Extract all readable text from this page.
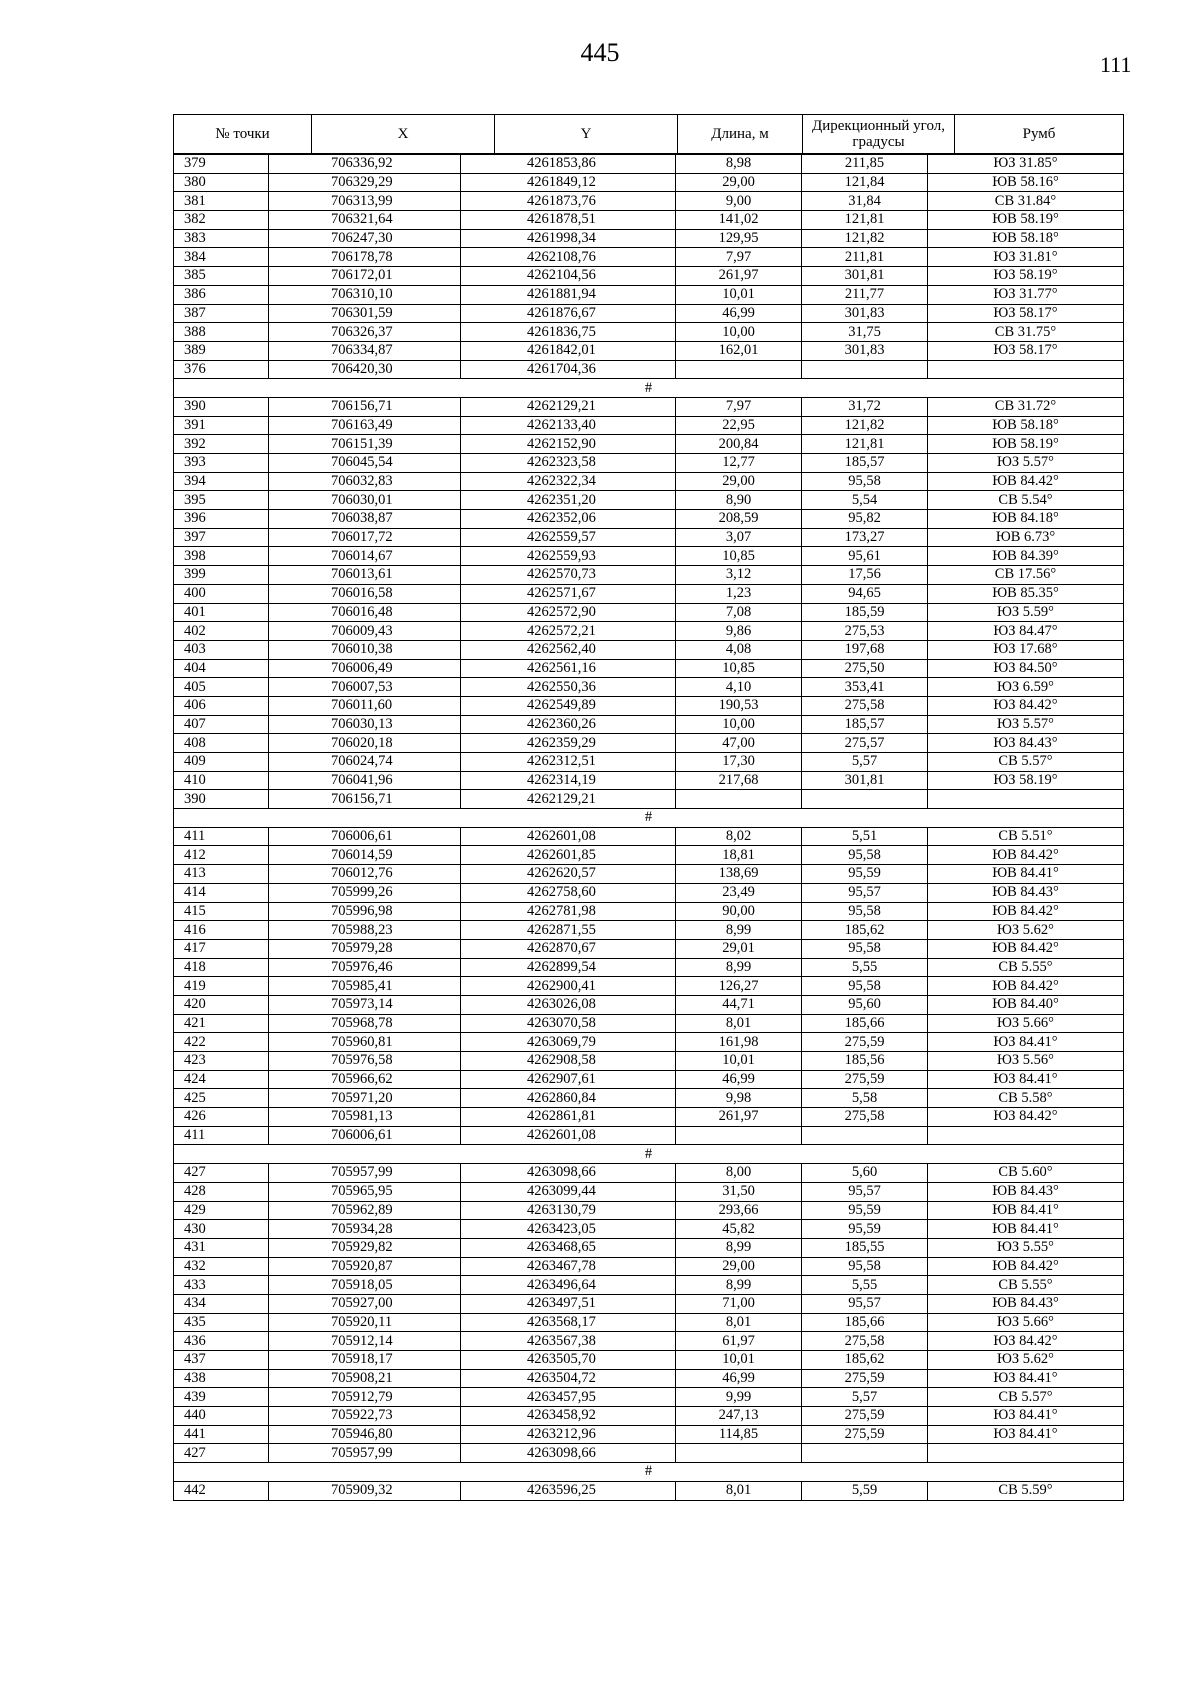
445	111
№ точки	X	Y	Длина, м	Дирекционный угол, градусы	Румб
379	706336,92	4261853,86	8,98	211,85	ЮЗ 31.85°
380	706329,29	4261849,12	29,00	121,84	ЮВ 58.16°
381	706313,99	4261873,76	9,00	31,84	СВ 31.84°
382	706321,64	4261878,51	141,02	121,81	ЮВ 58.19°
383	706247,30	4261998,34	129,95	121,82	ЮВ 58.18°
384	706178,78	4262108,76	7,97	211,81	ЮЗ 31.81°
385	706172,01	4262104,56	261,97	301,81	ЮЗ 58.19°
386	706310,10	4261881,94	10,01	211,77	ЮЗ 31.77°
387	706301,59	4261876,67	46,99	301,83	ЮЗ 58.17°
388	706326,37	4261836,75	10,00	31,75	СВ 31.75°
389	706334,87	4261842,01	162,01	301,83	ЮЗ 58.17°
376	706420,30	4261704,36			
#					
390	706156,71	4262129,21	7,97	31,72	СВ 31.72°
391	706163,49	4262133,40	22,95	121,82	ЮВ 58.18°
392	706151,39	4262152,90	200,84	121,81	ЮВ 58.19°
393	706045,54	4262323,58	12,77	185,57	ЮЗ 5.57°
394	706032,83	4262322,34	29,00	95,58	ЮВ 84.42°
395	706030,01	4262351,20	8,90	5,54	СВ 5.54°
396	706038,87	4262352,06	208,59	95,82	ЮВ 84.18°
397	706017,72	4262559,57	3,07	173,27	ЮВ 6.73°
398	706014,67	4262559,93	10,85	95,61	ЮВ 84.39°
399	706013,61	4262570,73	3,12	17,56	СВ 17.56°
400	706016,58	4262571,67	1,23	94,65	ЮВ 85.35°
401	706016,48	4262572,90	7,08	185,59	ЮЗ 5.59°
402	706009,43	4262572,21	9,86	275,53	ЮЗ 84.47°
403	706010,38	4262562,40	4,08	197,68	ЮЗ 17.68°
404	706006,49	4262561,16	10,85	275,50	ЮЗ 84.50°
405	706007,53	4262550,36	4,10	353,41	ЮЗ 6.59°
406	706011,60	4262549,89	190,53	275,58	ЮЗ 84.42°
407	706030,13	4262360,26	10,00	185,57	ЮЗ 5.57°
408	706020,18	4262359,29	47,00	275,57	ЮЗ 84.43°
409	706024,74	4262312,51	17,30	5,57	СВ 5.57°
410	706041,96	4262314,19	217,68	301,81	ЮЗ 58.19°
390	706156,71	4262129,21			
#					
411	706006,61	4262601,08	8,02	5,51	СВ 5.51°
412	706014,59	4262601,85	18,81	95,58	ЮВ 84.42°
413	706012,76	4262620,57	138,69	95,59	ЮВ 84.41°
414	705999,26	4262758,60	23,49	95,57	ЮВ 84.43°
415	705996,98	4262781,98	90,00	95,58	ЮВ 84.42°
416	705988,23	4262871,55	8,99	185,62	ЮЗ 5.62°
417	705979,28	4262870,67	29,01	95,58	ЮВ 84.42°
418	705976,46	4262899,54	8,99	5,55	СВ 5.55°
419	705985,41	4262900,41	126,27	95,58	ЮВ 84.42°
420	705973,14	4263026,08	44,71	95,60	ЮВ 84.40°
421	705968,78	4263070,58	8,01	185,66	ЮЗ 5.66°
422	705960,81	4263069,79	161,98	275,59	ЮЗ 84.41°
423	705976,58	4262908,58	10,01	185,56	ЮЗ 5.56°
424	705966,62	4262907,61	46,99	275,59	ЮЗ 84.41°
425	705971,20	4262860,84	9,98	5,58	СВ 5.58°
426	705981,13	4262861,81	261,97	275,58	ЮЗ 84.42°
411	706006,61	4262601,08			
#					
427	705957,99	4263098,66	8,00	5,60	СВ 5.60°
428	705965,95	4263099,44	31,50	95,57	ЮВ 84.43°
429	705962,89	4263130,79	293,66	95,59	ЮВ 84.41°
430	705934,28	4263423,05	45,82	95,59	ЮВ 84.41°
431	705929,82	4263468,65	8,99	185,55	ЮЗ 5.55°
432	705920,87	4263467,78	29,00	95,58	ЮВ 84.42°
433	705918,05	4263496,64	8,99	5,55	СВ 5.55°
434	705927,00	4263497,51	71,00	95,57	ЮВ 84.43°
435	705920,11	4263568,17	8,01	185,66	ЮЗ 5.66°
436	705912,14	4263567,38	61,97	275,58	ЮЗ 84.42°
437	705918,17	4263505,70	10,01	185,62	ЮЗ 5.62°
438	705908,21	4263504,72	46,99	275,59	ЮЗ 84.41°
439	705912,79	4263457,95	9,99	5,57	СВ 5.57°
440	705922,73	4263458,92	247,13	275,59	ЮЗ 84.41°
441	705946,80	4263212,96	114,85	275,59	ЮЗ 84.41°
427	705957,99	4263098,66			
#					
442	705909,32	4263596,25	8,01	5,59	СВ 5.59°
